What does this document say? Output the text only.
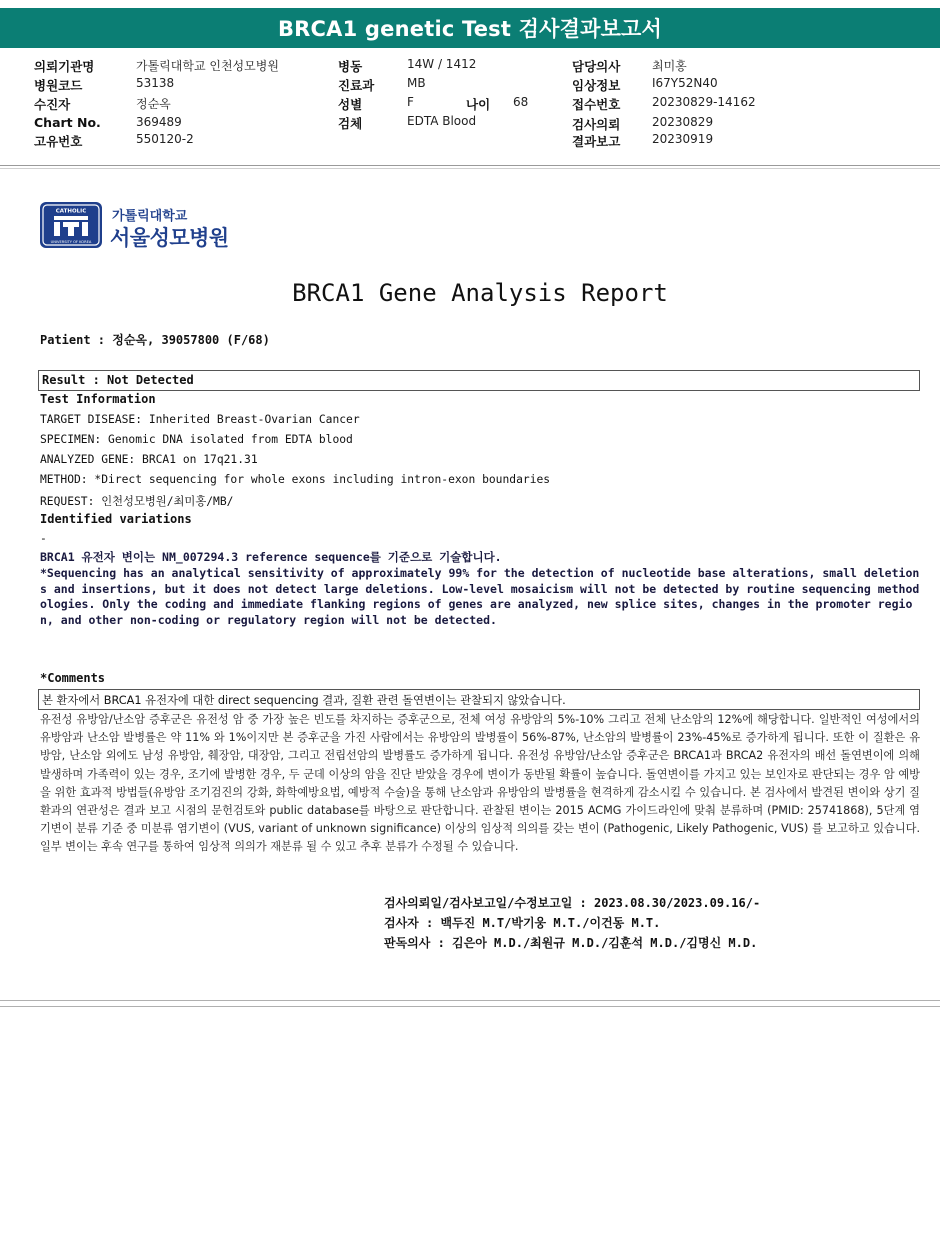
BRCA1 genetic Test 검사결과보고서
의뢰기관명	가톨릭대학교 인천성모병원
병원코드	53138
수진자	정순옥
Chart No.	369489
고유번호	550120-2
병동	14W / 1412
진료과	MB
성별	F	나이 68
검체	EDTA Blood
담당의사	최미홍
임상정보	I67Y52N40
접수번호	20230829-14162
검사의뢰	20230829
결과보고	20230919
CATHOLIC
UNIVERSITY OF KOREA
가톨릭대학교
서울성모병원
BRCA1 Gene Analysis Report
Patient : 정순옥, 39057800 (F/68)
Result : Not Detected
Test Information
TARGET DISEASE: Inherited Breast-Ovarian Cancer
SPECIMEN: Genomic DNA isolated from EDTA blood
ANALYZED GENE: BRCA1 on 17q21.31
METHOD: *Direct sequencing for whole exons including intron-exon boundaries
REQUEST: 인천성모병원/최미홍/MB/
Identified variations
-
BRCA1 유전자 변이는 NM_007294.3 reference sequence를 기준으로 기술합니다.
*Sequencing has an analytical sensitivity of approximately 99% for the detection of nucleotide base alterations, small deletions and insertions, but it does not detect large deletions. Low-level mosaicism will not be detected by routine sequencing methodologies. Only the coding and immediate flanking regions of genes are analyzed, new splice sites, changes in the promoter region, and other non-coding or regulatory region will not be detected.
*Comments
본 환자에서 BRCA1 유전자에 대한 direct sequencing 결과, 질환 관련 돌연변이는 관찰되지 않았습니다.
유전성 유방암/난소암 증후군은 유전성 암 중 가장 높은 빈도를 차지하는 증후군으로, 전체 여성 유방암의 5%-10% 그리고 전체 난소암의 12%에 해당합니다. 일반적인 여성에서의 유방암과 난소암 발병률은 약 11% 와 1%이지만 본 증후군을 가진 사람에서는 유방암의 발병률이 56%-87%, 난소암의 발병률이 23%-45%로 증가하게 됩니다. 또한 이 질환은 유방암, 난소암 외에도 남성 유방암, 췌장암, 대장암, 그리고 전립선암의 발병률도 증가하게 됩니다. 유전성 유방암/난소암 증후군은 BRCA1과 BRCA2 유전자의 배선 돌연변이에 의해 발생하며 가족력이 있는 경우, 조기에 발병한 경우, 두 군데 이상의 암을 진단 받았을 경우에 변이가 동반될 확률이 높습니다. 돌연변이를 가지고 있는 보인자로 판단되는 경우 암 예방을 위한 효과적 방법들(유방암 조기검진의 강화, 화학예방요법, 예방적 수술)을 통해 난소암과 유방암의 발병률을 현격하게 감소시킬 수 있습니다. 본 검사에서 발견된 변이와 상기 질환과의 연관성은 결과 보고 시점의 문헌검토와 public database를 바탕으로 판단합니다. 관찰된 변이는 2015 ACMG 가이드라인에 맞춰 분류하며 (PMID: 25741868), 5단계 염기변이 분류 기준 중 미분류 염기변이 (VUS, variant of unknown significance) 이상의 임상적 의의를 갖는 변이 (Pathogenic, Likely Pathogenic, VUS) 를 보고하고 있습니다. 일부 변이는 후속 연구를 통하여 임상적 의의가 재분류 될 수 있고 추후 분류가 수정될 수 있습니다.
검사의뢰일/검사보고일/수정보고일 : 2023.08.30/2023.09.16/-
검사자 : 백두진 M.T/박기웅 M.T./이건동 M.T.
판독의사 : 김은아 M.D./최원규 M.D./김훈석 M.D./김명신 M.D.
